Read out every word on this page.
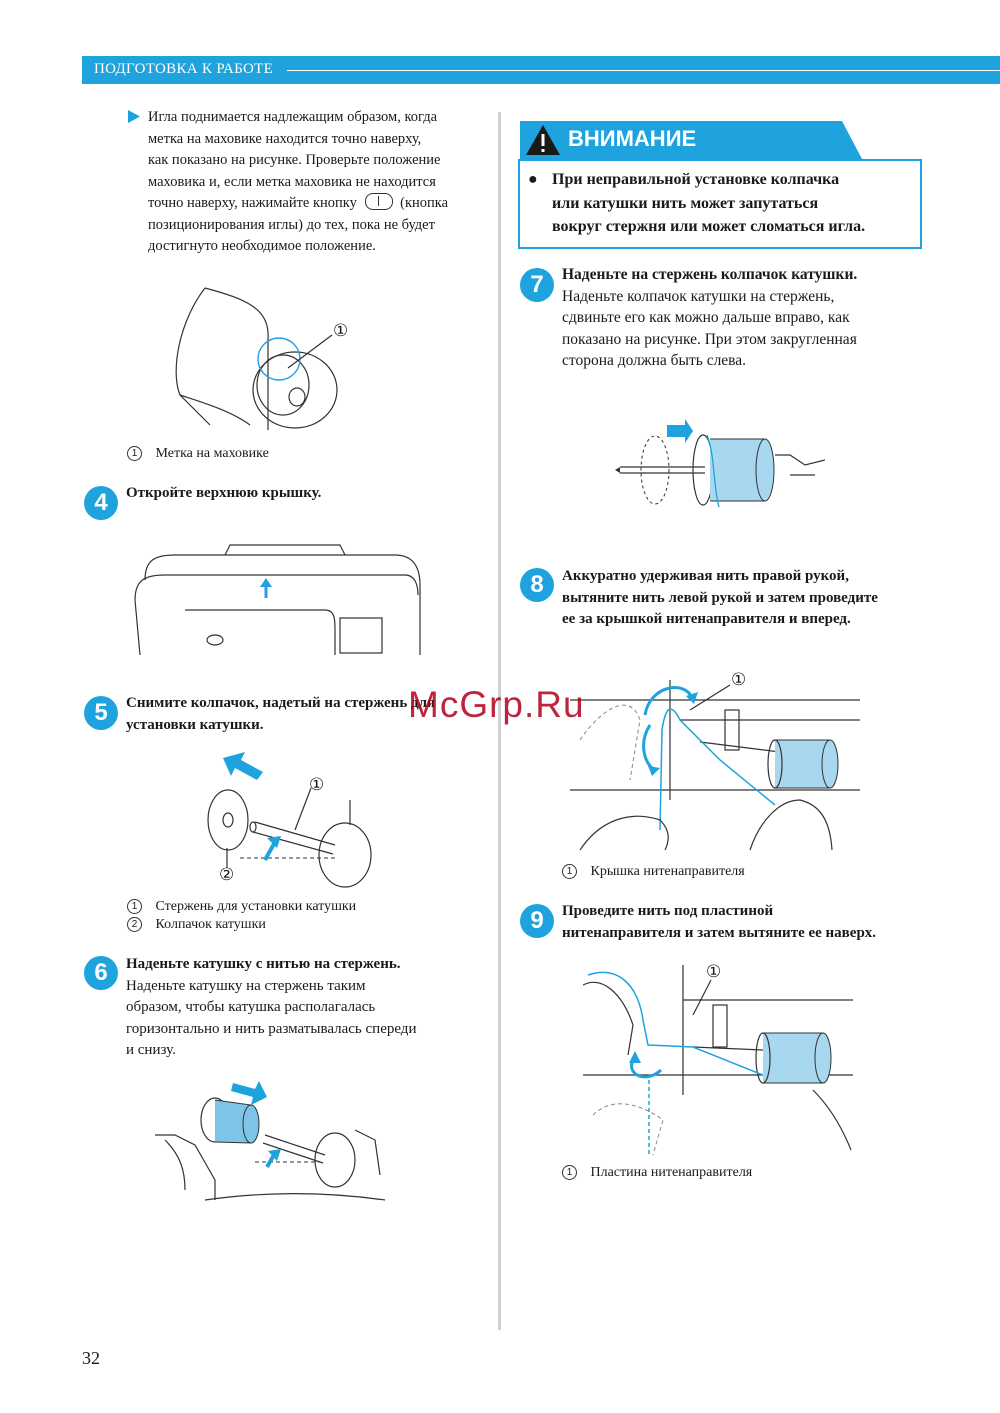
ПОДГОТОВКА К РАБОТЕ
Игла поднимается надлежащим образом, когда
метка на маховике находится точно наверху,
как показано на рисунке. Проверьте положение
маховика и, если метка маховика не находится
точно наверху, нажимайте кнопку	(кнопка
позиционирования иглы) до тех, пока не будет
достигнуто необходимое положение.
①
1 Метка на маховике
4	Откройте верхнюю крышку.
5	Снимите колпачок, надетый на стержень для
установки катушки.
①
②
1 Стержень для установки катушки
2 Колпачок катушки
6	Наденьте катушку с нитью на стержень.
Наденьте катушку на стержень таким
образом, чтобы катушка располагалась
горизонтально и нить разматывалась спереди
и снизу.
ВНИМАНИЕ
● При неправильной установке колпачка
или катушки нить может запутаться
вокруг стержня или может сломаться игла.
7	Наденьте на стержень колпачок катушки.
Наденьте колпачок катушки на стержень,
сдвиньте его как можно дальше вправо, как
показано на рисунке. При этом закругленная
сторона должна быть слева.
8	Аккуратно удерживая нить правой рукой,
вытяните нить левой рукой и затем проведите
ее за крышкой нитенаправителя и вперед.
①
1 Крышка нитенаправителя
9	Проведите нить под пластиной
нитенаправителя и затем вытяните ее наверх.
①
1 Пластина нитенаправителя
McGrp.Ru
32
